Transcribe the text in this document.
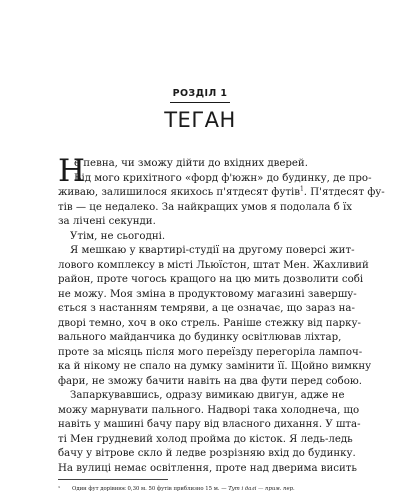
РОЗДІЛ 1
ТЕГАН
Н
е певна, чи зможу дійти до вхідних дверей.
Від мого крихітного «форд ф'южн» до будинку, де про-
живаю, залишилося якихось п'ятдесят футів$^1$. П'ятдесят фу-
тів — це недалеко. За найкращих умов я подолала б їх
за лічені секунди.
Утім, не сьогодні.
Я мешкаю у квартирі-студії на другому поверсі жит-
лового комплексу в місті Льюїстон, штат Мен. Жахливий
район, проте чогось кращого на цю мить дозволити собі
не можу. Моя зміна в продуктовому магазині завершу-
ється з настанням темряви, а це означає, що зараз на-
дворі темно, хоч в око стрель. Раніше стежку від парку-
вального майданчика до будинку освітлював ліхтар,
проте за місяць після мого переїзду перегоріла лампоч-
ка й нікому не спало на думку замінити її. Щойно вимкну
фари, не зможу бачити навіть на два фути перед собою.
Запаркувавшись, одразу вимикаю двигун, адже не
можу марнувати пального. Надворі така холоднеча, що
навіть у машині бачу пару від власного дихання. У шта-
ті Мен грудневий холод пройма до кісток. Я ледь-ледь
бачу у вітрове скло й ледве розрізняю вхід до будинку.
На вулиці немає освітлення, проте над дверима висить
¹ Один фут дорівнює 0,30 м. 50 футів приблизно 15 м. — Тут і далі — прим. пер.
